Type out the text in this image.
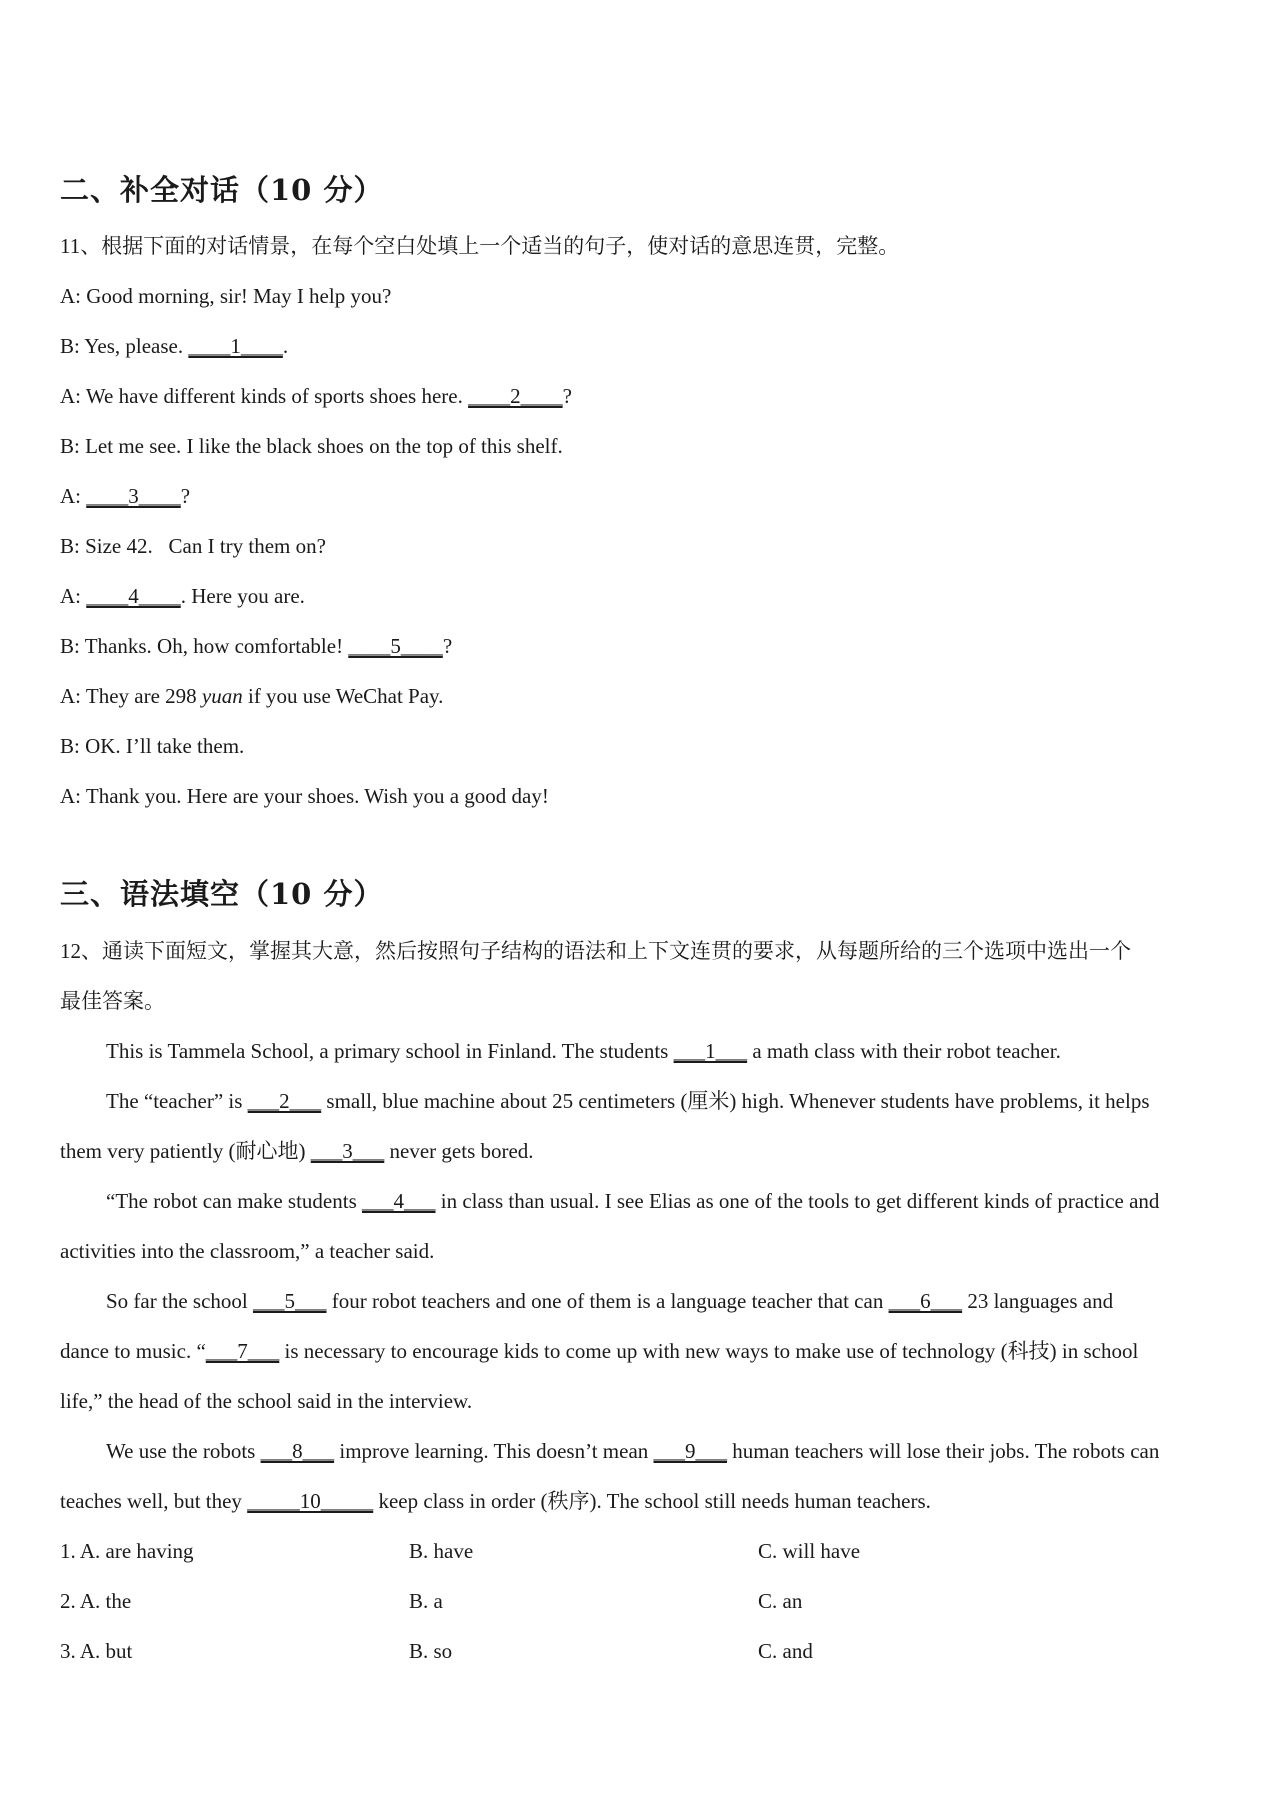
二、补全对话（10 分）
11、根据下面的对话情景，在每个空白处填上一个适当的句子，使对话的意思连贯，完整。
A: Good morning, sir! May I help you?
B: Yes, please. ____1____.
A: We have different kinds of sports shoes here. ____2____?
B: Let me see. I like the black shoes on the top of this shelf.
A: ____3____?
B: Size 42.   Can I try them on?
A: ____4____. Here you are.
B: Thanks. Oh, how comfortable! ____5____?
A: They are 298 yuan if you use WeChat Pay.
B: OK. I’ll take them.
A: Thank you. Here are your shoes. Wish you a good day!
三、语法填空（10 分）
12、通读下面短文，掌握其大意，然后按照句子结构的语法和上下文连贯的要求，从每题所给的三个选项中选出一个
最佳答案。
This is Tammela School, a primary school in Finland. The students ___1___ a math class with their robot teacher.
The “teacher” is ___2___ small, blue machine about 25 centimeters (厘米) high. Whenever students have problems, it helps
them very patiently (耐心地) ___3___ never gets bored.
“The robot can make students ___4___ in class than usual. I see Elias as one of the tools to get different kinds of practice and
activities into the classroom,” a teacher said.
So far the school ___5___ four robot teachers and one of them is a language teacher that can ___6___ 23 languages and
dance to music. “___7___ is necessary to encourage kids to come up with new ways to make use of technology (科技) in school
life,” the head of the school said in the interview.
We use the robots ___8___ improve learning. This doesn’t mean ___9___ human teachers will lose their jobs. The robots can
teaches well, but they _____10_____ keep class in order (秩序). The school still needs human teachers.
1. A. are having	B. have	C. will have
2. A. the	B. a	C. an
3. A. but	B. so	C. and
